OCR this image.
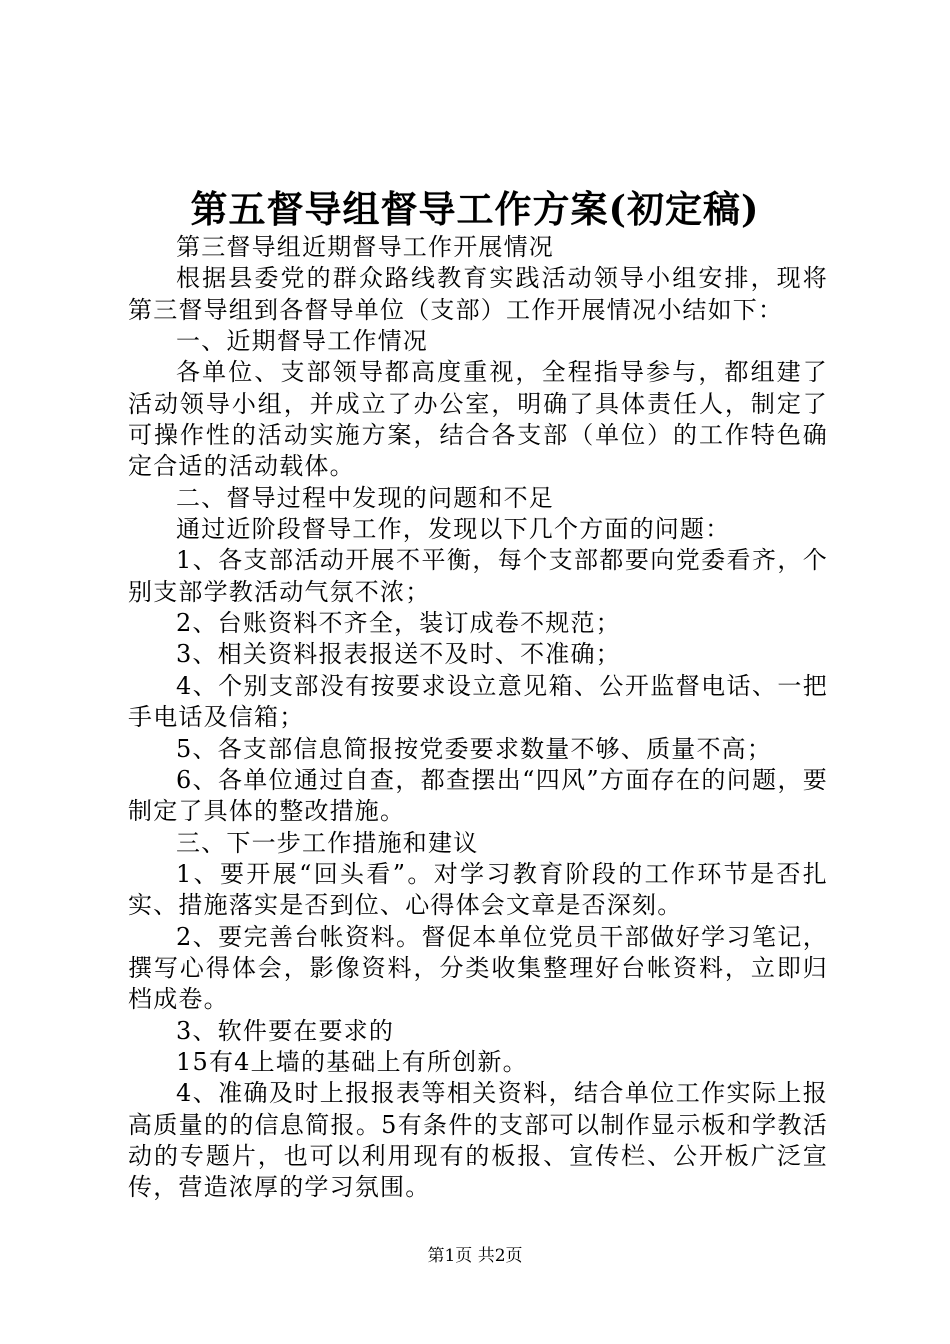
第五督导组督导工作方案(初定稿)

第三督导组近期督导工作开展情况

根据县委党的群众路线教育实践活动领导小组安排，现将第三督导组到各督导单位（支部）工作开展情况小结如下：

一、近期督导工作情况

各单位、支部领导都高度重视，全程指导参与，都组建了活动领导小组，并成立了办公室，明确了具体责任人，制定了可操作性的活动实施方案，结合各支部（单位）的工作特色确定合适的活动载体。

二、督导过程中发现的问题和不足

通过近阶段督导工作，发现以下几个方面的问题：

1、各支部活动开展不平衡，每个支部都要向党委看齐，个别支部学教活动气氛不浓；

2、台账资料不齐全，装订成卷不规范；

3、相关资料报表报送不及时、不准确；

4、个别支部没有按要求设立意见箱、公开监督电话、一把手电话及信箱；

5、各支部信息简报按党委要求数量不够、质量不高；

6、各单位通过自查，都查摆出“四风”方面存在的问题，要制定了具体的整改措施。

三、下一步工作措施和建议

1、要开展“回头看”。对学习教育阶段的工作环节是否扎实、措施落实是否到位、心得体会文章是否深刻。

2、要完善台帐资料。督促本单位党员干部做好学习笔记，撰写心得体会，影像资料，分类收集整理好台帐资料，立即归档成卷。

3、软件要在要求的

15有4上墙的基础上有所创新。

4、准确及时上报报表等相关资料，结合单位工作实际上报高质量的的信息简报。5有条件的支部可以制作显示板和学教活动的专题片，也可以利用现有的板报、宣传栏、公开板广泛宣传，营造浓厚的学习氛围。

第1页 共2页
